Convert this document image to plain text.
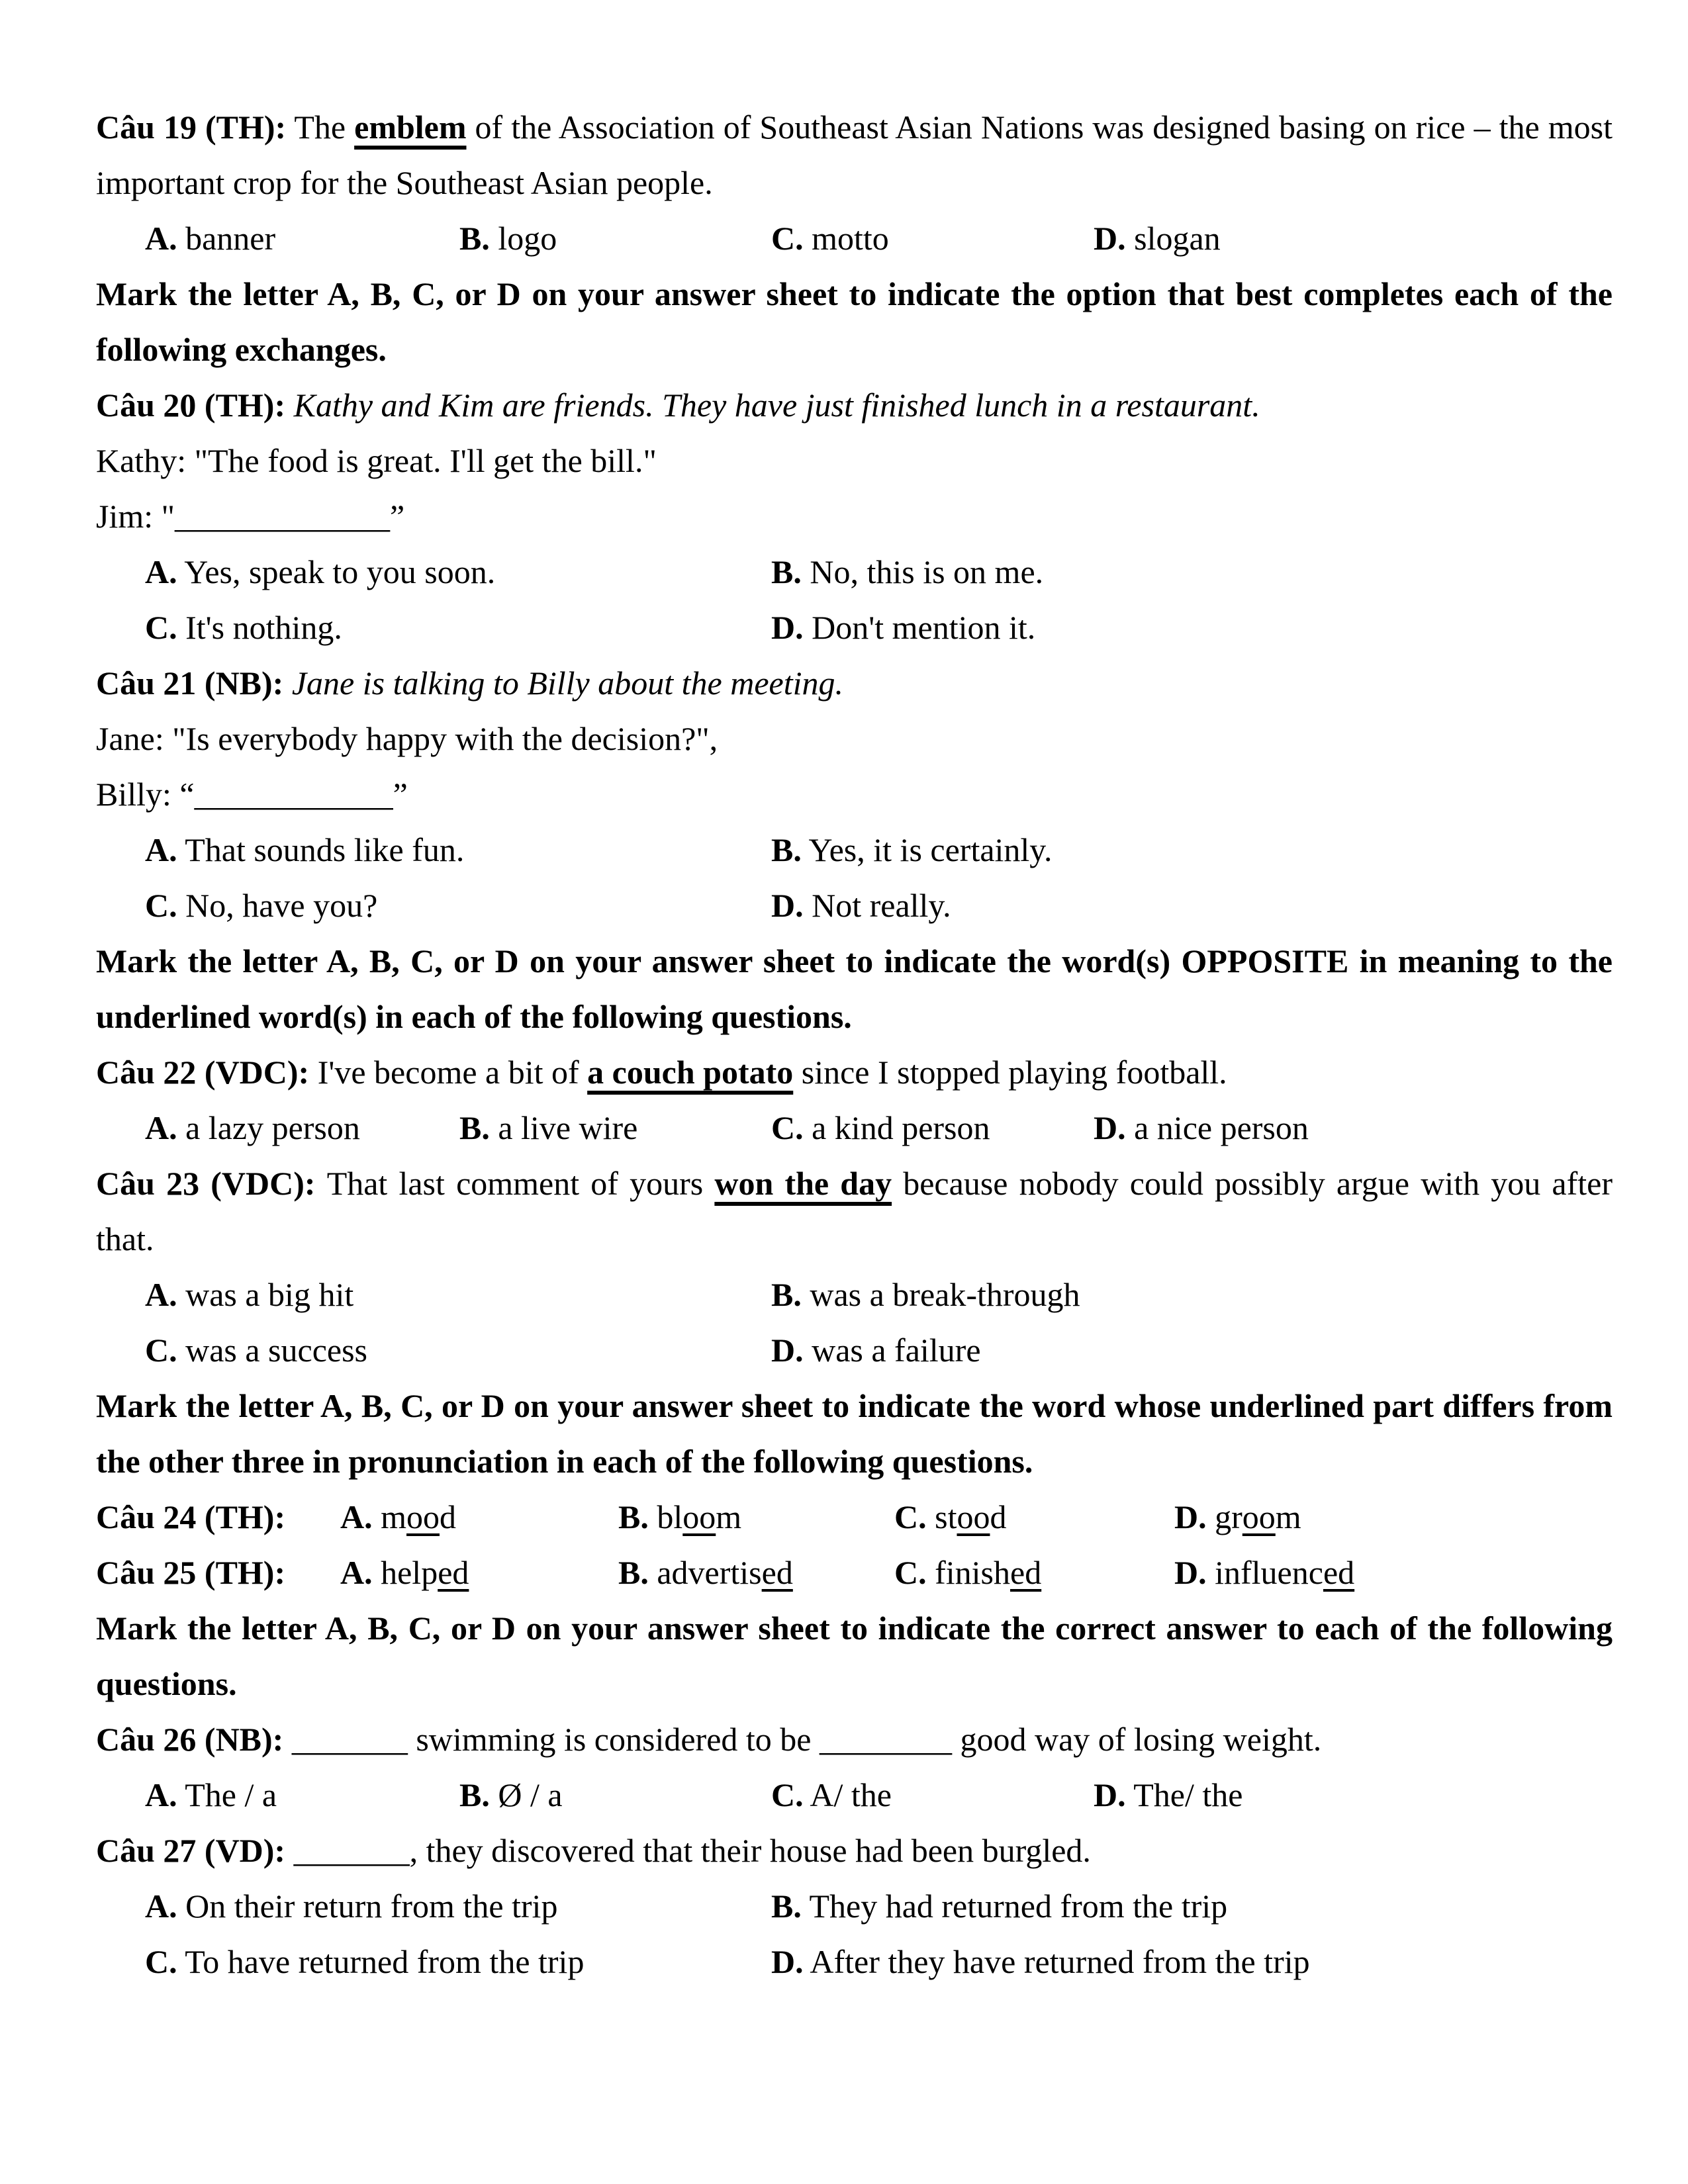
Câu 19 (TH): The emblem of the Association of Southeast Asian Nations was designed basing on rice – the most important crop for the Southeast Asian people.
A. banner	B. logo	C. motto	D. slogan
Mark the letter A, B, C, or D on your answer sheet to indicate the option that best completes each of the following exchanges.
Câu 20 (TH): Kathy and Kim are friends. They have just finished lunch in a restaurant.
Kathy: "The food is great. I'll get the bill."
Jim: "_____________”
A. Yes, speak to you soon.	B. No, this is on me.
C. It's nothing.	D. Don't mention it.
Câu 21 (NB): Jane is talking to Billy about the meeting.
Jane: "Is everybody happy with the decision?",
Billy: “____________”
A. That sounds like fun.	B. Yes, it is certainly.
C. No, have you?	D. Not really.
Mark the letter A, B, C, or D on your answer sheet to indicate the word(s) OPPOSITE in meaning to the underlined word(s) in each of the following questions.
Câu 22 (VDC): I've become a bit of a couch potato since I stopped playing football.
A. a lazy person	B. a live wire	C. a kind person	D. a nice person
Câu 23 (VDC): That last comment of yours won the day because nobody could possibly argue with you after that.
A. was a big hit	B. was a break-through
C. was a success	D. was a failure
Mark the letter A, B, C, or D on your answer sheet to indicate the word whose underlined part differs from the other three in pronunciation in each of the following questions.
Câu 24 (TH): A. mood	B. bloom	C. stood	D. groom
Câu 25 (TH): A. helped	B. advertised	C. finished	D. influenced
Mark the letter A, B, C, or D on your answer sheet to indicate the correct answer to each of the following questions.
Câu 26 (NB): _______ swimming is considered to be ________ good way of losing weight.
A. The / a	B. Ø / a	C. A/ the	D. The/ the
Câu 27 (VD): _______, they discovered that their house had been burgled.
A. On their return from the trip	B. They had returned from the trip
C. To have returned from the trip	D. After they have returned from the trip
